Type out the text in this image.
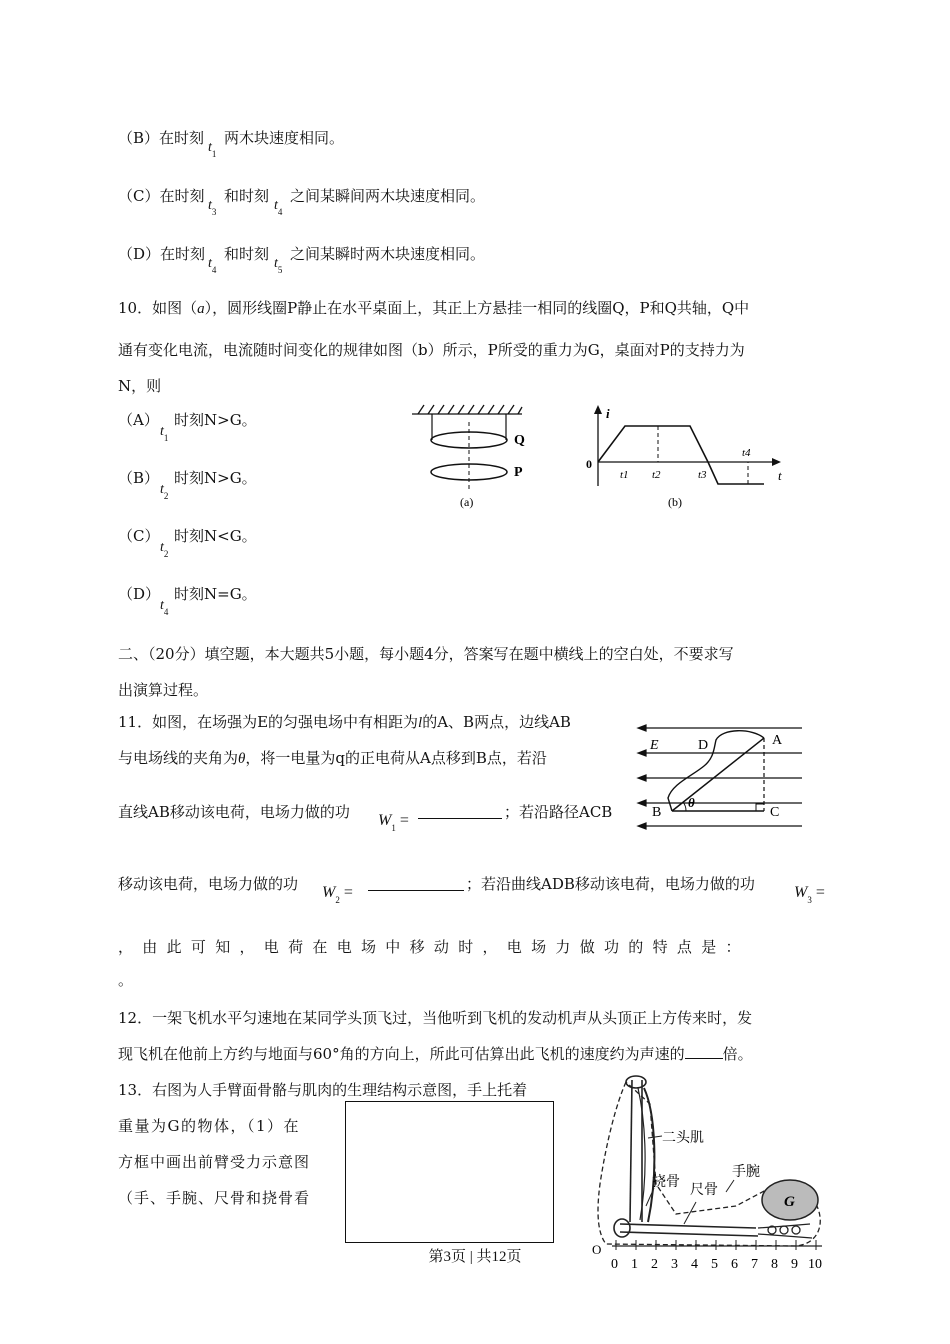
（B）在时刻
$t_1$
两木块速度相同。
（C）在时刻
$t_3$
和时刻
$t_4$
之间某瞬间两木块速度相同。
（D）在时刻
$t_4$
和时刻
$t_5$
之间某瞬时两木块速度相同。
10．如图（a），圆形线圈P静止在水平桌面上，其正上方悬挂一相同的线圈Q，P和Q共轴，Q中
通有变化电流，电流随时间变化的规律如图（b）所示，P所受的重力为G，桌面对P的支持力为
N，则
（A）
$t_1$
时刻N>G。
（B）
$t_2$
时刻N>G。
（C）
$t_2$
时刻N<G。
（D）
$t_4$
时刻N=G。
Q
P
(a)
i
t
0
t1 t2	t3
t4
(b)
二、（20分）填空题，本大题共5小题，每小题4分，答案写在题中横线上的空白处，不要求写
出演算过程。
11．如图，在场强为E的匀强电场中有相距为l的A、B两点，边线AB
与电场线的夹角为θ，将一电量为q的正电荷从A点移到B点，若沿
直线AB移动该电荷，电场力做的功 $W_1$ =	；若沿路径ACB
移动该电荷，电场力做的功 $W_2$ =	；若沿曲线ADB移动该电荷，电场力做的功 $W_3$ =
，由此可知，电荷在电场中移动时，电场力做功的特点是：
。
E	D	A
B	C
θ
12．一架飞机水平匀速地在某同学头顶飞过，当他听到飞机的发动机声从头顶正上方传来时，发
现飞机在他前上方约与地面与60°角的方向上，所此可估算出此飞机的速度约为声速的	倍。
13．右图为人手臂面骨骼与肌肉的生理结构示意图，手上托着
重量为G的物体，（1）在
方框中画出前臂受力示意图
（手、手腕、尺骨和挠骨看	G
二头肌
挠骨
尺骨
手腕
O
0 1 2 3 4 5 6 7 8 9 10
第3页 | 共12页
